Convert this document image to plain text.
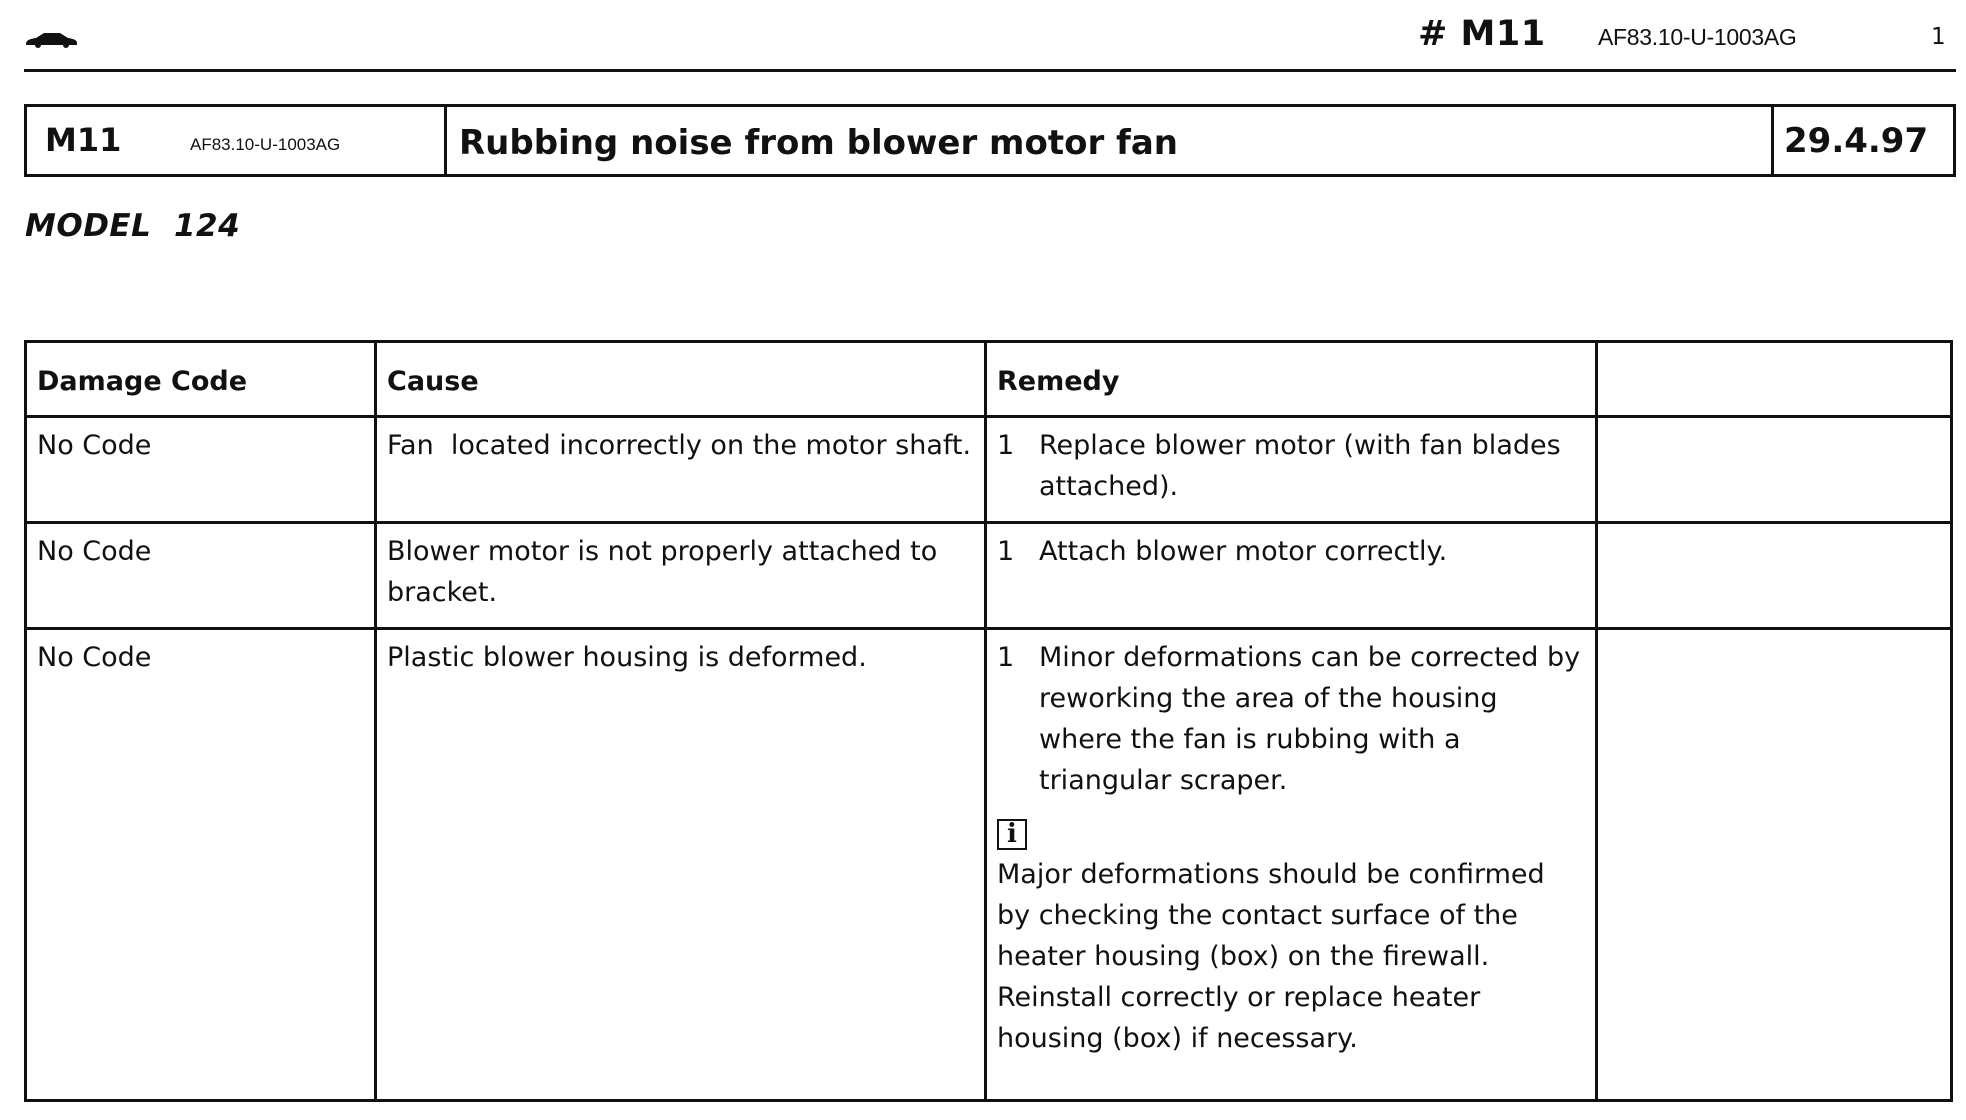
# M11 AF83.10-U-1003AG	1
M11	AF83.10-U-1003AG	Rubbing noise from blower motor fan	29.4.97
MODEL  124
Damage Code	Cause	Remedy	
No Code	Fan  located incorrectly on the motor shaft.	1 Replace blower motor (with fan blades attached).	

No Code	Blower motor is not properly attached to bracket.	1 Attach blower motor correctly.	

No Code	Plastic blower housing is deformed.	1 Minor deformations can be corrected by reworking the area of the housing where the fan is rubbing with a triangular scraper.
i
Major deformations should be confirmed by checking the contact surface of the heater housing (box) on the firewall. Reinstall correctly or replace heater housing (box) if necessary.	
